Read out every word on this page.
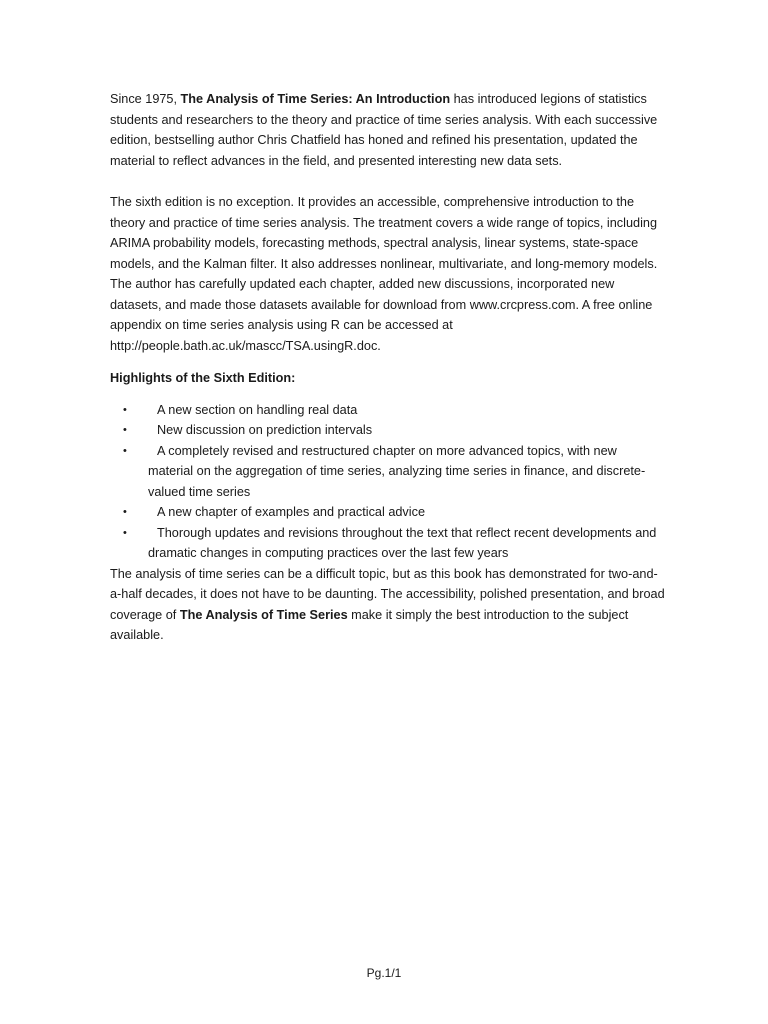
Since 1975, The Analysis of Time Series: An Introduction has introduced legions of statistics students and researchers to the theory and practice of time series analysis. With each successive edition, bestselling author Chris Chatfield has honed and refined his presentation, updated the material to reflect advances in the field, and presented interesting new data sets.

The sixth edition is no exception. It provides an accessible, comprehensive introduction to the theory and practice of time series analysis. The treatment covers a wide range of topics, including ARIMA probability models, forecasting methods, spectral analysis, linear systems, state-space models, and the Kalman filter. It also addresses nonlinear, multivariate, and long-memory models. The author has carefully updated each chapter, added new discussions, incorporated new datasets, and made those datasets available for download from www.crcpress.com. A free online appendix on time series analysis using R can be accessed at http://people.bath.ac.uk/mascc/TSA.usingR.doc.

Highlights of the Sixth Edition:

• A new section on handling real data
• New discussion on prediction intervals
• A completely revised and restructured chapter on more advanced topics, with new material on the aggregation of time series, analyzing time series in finance, and discrete-valued time series
• A new chapter of examples and practical advice
• Thorough updates and revisions throughout the text that reflect recent developments and dramatic changes in computing practices over the last few years

The analysis of time series can be a difficult topic, but as this book has demonstrated for two-and-a-half decades, it does not have to be daunting. The accessibility, polished presentation, and broad coverage of The Analysis of Time Series make it simply the best introduction to the subject available.

Pg.1/1
